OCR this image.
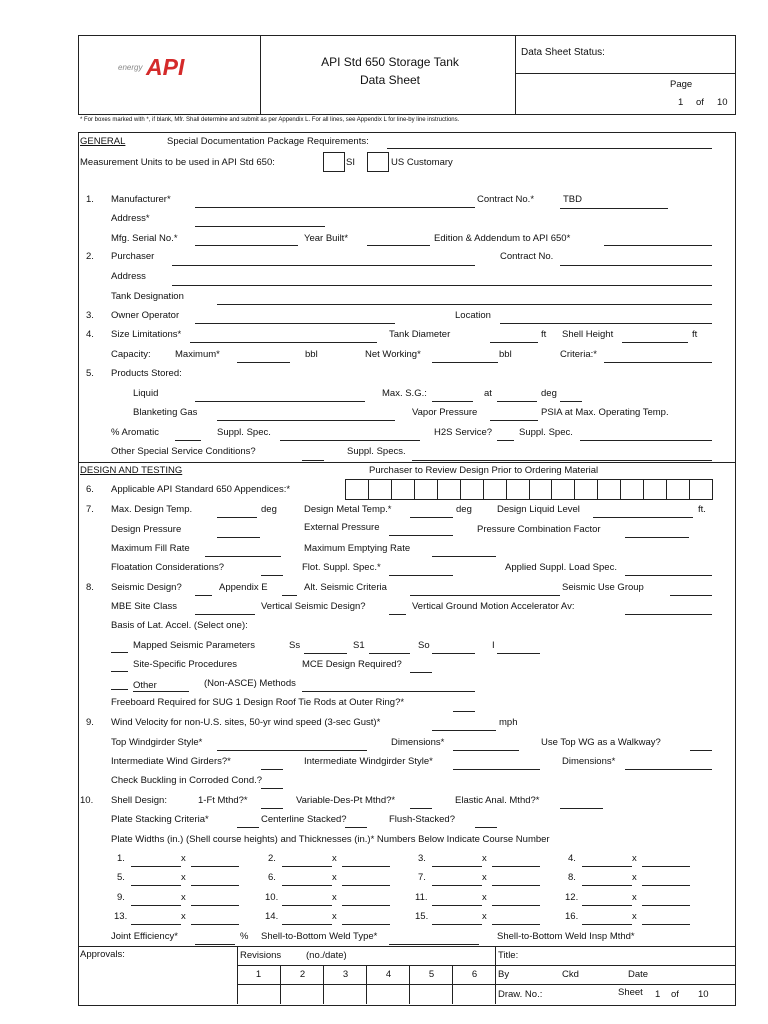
energy API	API Std 650 Storage Tank
Data Sheet
Data Sheet Status:
Page
1 of 10
* For boxes marked with *, if blank, Mfr. Shall determine and submit as per Appendix L. For all lines, see Appendix L for line-by line instructions.
GENERAL	Special Documentation Package Requirements:
Measurement Units to be used in API Std 650:	SI	US Customary
1. Manufacturer*	Contract No.*	TBD
Address*
Mfg. Serial No.*	Year Built*	Edition & Addendum to API 650*
2. Purchaser	Contract No.
Address
Tank Designation
3. Owner Operator	Location
4. Size Limitations*	Tank Diameter	ft Shell Height	ft
Capacity:	Maximum*	bbl	Net Working*	bbl	Criteria:*
5. Products Stored:
Liquid	Max. S.G.:	at	deg
Blanketing Gas	Vapor Pressure	PSIA at Max. Operating Temp.
% Aromatic	Suppl. Spec.	H2S Service?	Suppl. Spec.
Other Special Service Conditions?	Suppl. Specs.
DESIGN AND TESTING	Purchaser to Review Design Prior to Ordering Material
6. Applicable API Standard 650 Appendices:*
7. Max. Design Temp.	deg	Design Metal Temp.*	deg	Design Liquid Level	ft.
Design Pressure	External Pressure	Pressure Combination Factor
Maximum Fill Rate	Maximum Emptying Rate
Floatation Considerations?	Flot. Suppl. Spec.*	Applied Suppl. Load Spec.
8. Seismic Design?	Appendix E	Alt. Seismic Criteria	Seismic Use Group
MBE Site Class	Vertical Seismic Design?	Vertical Ground Motion Accelerator Av:
Basis of Lat. Accel. (Select one):
Mapped Seismic Parameters	Ss	S1	So	I
Site-Specific Procedures	MCE Design Required?
Other	(Non-ASCE) Methods
Freeboard Required for SUG 1 Design Roof Tie Rods at Outer Ring?*
9. Wind Velocity for non-U.S. sites, 50-yr wind speed (3-sec Gust)*	mph
Top Windgirder Style*	Dimensions*	Use Top WG as a Walkway?
Intermediate Wind Girders?*	Intermediate Windgirder Style*	Dimensions*
Check Buckling in Corroded Cond.?
10. Shell Design:	1-Ft Mthd?*	Variable-Des-Pt Mthd?*	Elastic Anal. Mthd?*
Plate Stacking Criteria*	Centerline Stacked?	Flush-Stacked?
Plate Widths (in.) (Shell course heights) and Thicknesses (in.)* Numbers Below Indicate Course Number
1.	x	2.	x	3.	x	4.	x
5.	x	6.	x	7.	x	8.	x
9.	x	10.	x	11.	x	12.	x
13.	x	14.	x	15.	x	16.	x
Joint Efficiency*	% Shell-to-Bottom Weld Type*	Shell-to-Bottom Weld Insp Mthd*
Approvals:	Revisions	(no./date)
1	2	3	4	5	6
Title:
By	Ckd	Date
Draw. No.:	Sheet 1 of 10
